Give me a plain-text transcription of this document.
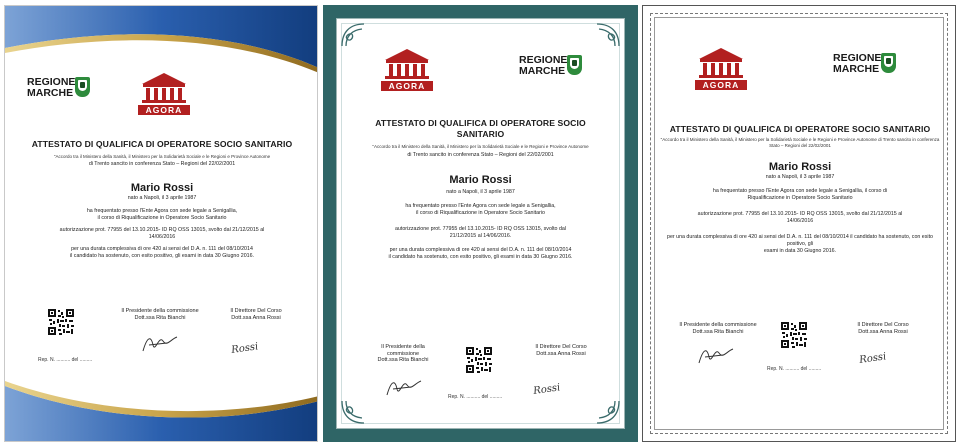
REGIONE
MARCHE
AGORA
ATTESTATO DI QUALIFICA DI OPERATORE SOCIO SANITARIO
"Accordo tra il Ministero della Sanità, il Ministero per la Solidarietà Sociale e le Regioni e Province Autonome
di Trento sancito in conferenza Stato – Regioni del 22/02/2001
Mario Rossi
nato a Napoli, il 3 aprile 1987
ha frequentato presso l'Ente Agora con sede legale a Senigallia,
il corso di Riqualificazione in Operatore Socio Sanitario
autorizzazione prot. 77955 del 13.10.2015- ID RQ OSS 13015, svolto dal 21/12/2015 al
14/06/2016
per una durata complessiva di ore 420 ai sensi del D.A. n. 111 del 08/10/2014
il candidato ha sostenuto, con esito positivo, gli esami in data 30 Giugno 2016.
Il Presidente della commissione
Dott.ssa Rita Bianchi
Il Direttore Del Corso
Dott.ssa Anna Rossi
Rossi
Rep. N. .......... del .........
AGORA
REGIONE
MARCHE
ATTESTATO DI QUALIFICA DI OPERATORE SOCIO
SANITARIO
"Accordo tra il Ministero della Sanità, il Ministero per la Solidarietà Sociale e le Regioni e Province Autonome
di Trento sancito in conferenza Stato – Regioni del 22/02/2001
Mario Rossi
nato a Napoli, il 3 aprile 1987
ha frequentato presso l'Ente Agora con sede legale a Senigallia,
il corso di Riqualificazione in Operatore Socio Sanitario
autorizzazione prot. 77955 del 13.10.2015- ID RQ OSS 13015, svolto dal
21/12/2015 al 14/06/2016.
per una durata complessiva di ore 420 ai sensi del D.A. n. 111 del 08/10/2014
il candidato ha sostenuto, con esito positivo, gli esami in data 30 Giugno 2016.
Il Presidente della
commissione
Dott.ssa Rita Bianchi
Il Direttore Del Corso
Dott.ssa Anna Rossi
Rossi
Rep. N. .......... del .........
AGORA
REGIONE
MARCHE
ATTESTATO DI QUALIFICA DI OPERATORE SOCIO SANITARIO
"Accordo tra il Ministero della Sanità, il Ministero per la Solidarietà Sociale e le Regioni e Province Autonome di Trento sancito in conferenza
Stato – Regioni del 22/02/2001
Mario Rossi
nato a Napoli, il 3 aprile 1987
ha frequentato presso l'Ente Agora con sede legale a Senigallia, il corso di
Riqualificazione in Operatore Socio Sanitario
autorizzazione prot. 77955 del 13.10.2015- ID RQ OSS 13015, svolto dal 21/12/2015 al
14/06/2016
per una durata complessiva di ore 420 ai sensi del D.A. n. 111 del 08/10/2014 il candidato ha sostenuto, con esito positivo, gli
esami in data 30 Giugno 2016.
Il Presidente della commissione
Dott.ssa Rita Bianchi
Il Direttore Del Corso
Dott.ssa Anna Rossi
Rossi
Rep. N. .......... del .........
